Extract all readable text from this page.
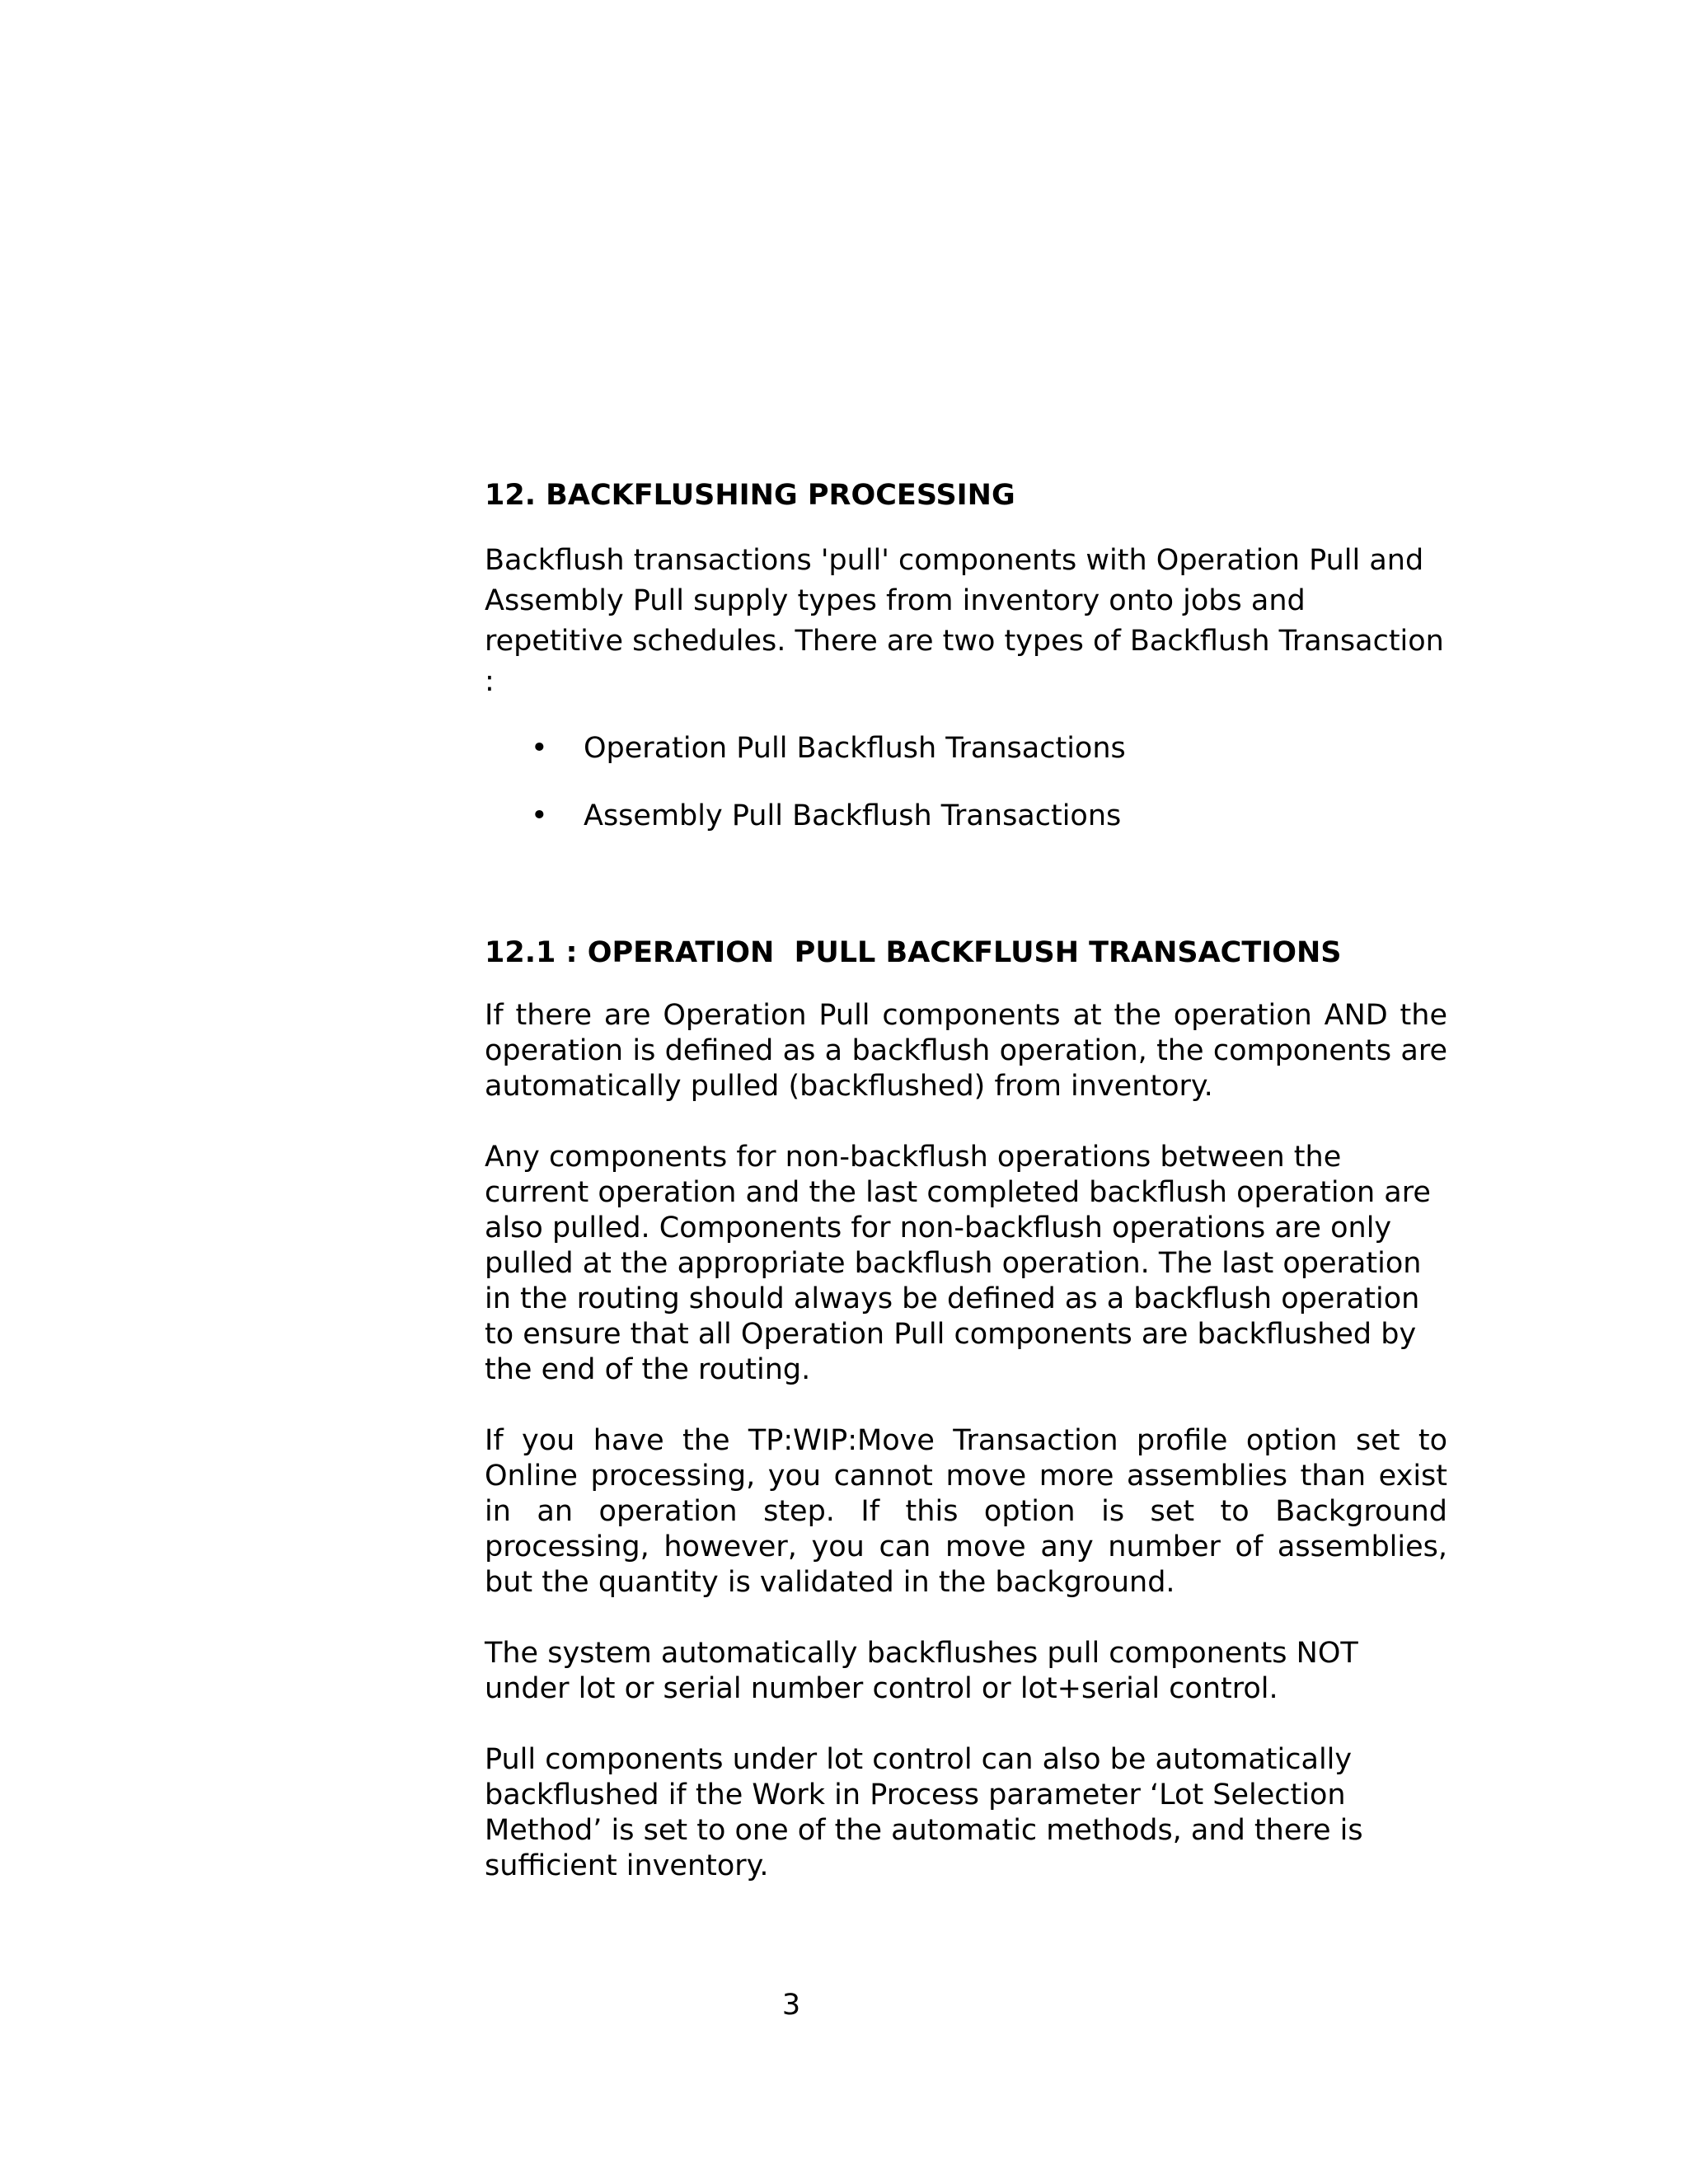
12. BACKFLUSHING PROCESSING
Backflush transactions 'pull' components with Operation Pull and Assembly Pull supply types from inventory onto jobs and repetitive schedules. There are two types of Backflush Transaction :
• Operation Pull Backflush Transactions
• Assembly Pull Backflush Transactions
12.1 : OPERATION  PULL BACKFLUSH TRANSACTIONS

If there are Operation Pull components at the operation AND the operation is defined as a backflush operation, the components are automatically pulled (backflushed) from inventory.

Any components for non-backflush operations between the current operation and the last completed backflush operation are also pulled. Components for non-backflush operations are only pulled at the appropriate backflush operation. The last operation in the routing should always be defined as a backflush operation to ensure that all Operation Pull components are backflushed by the end of the routing.

If you have the TP:WIP:Move Transaction profile option set to Online processing, you cannot move more assemblies than exist in an operation step. If this option is set to Background processing, however, you can move any number of assemblies, but the quantity is validated in the background.

The system automatically backflushes pull components NOT under lot or serial number control or lot+serial control.

Pull components under lot control can also be automatically backflushed if the Work in Process parameter ‘Lot Selection Method’ is set to one of the automatic methods, and there is sufficient inventory.

3
